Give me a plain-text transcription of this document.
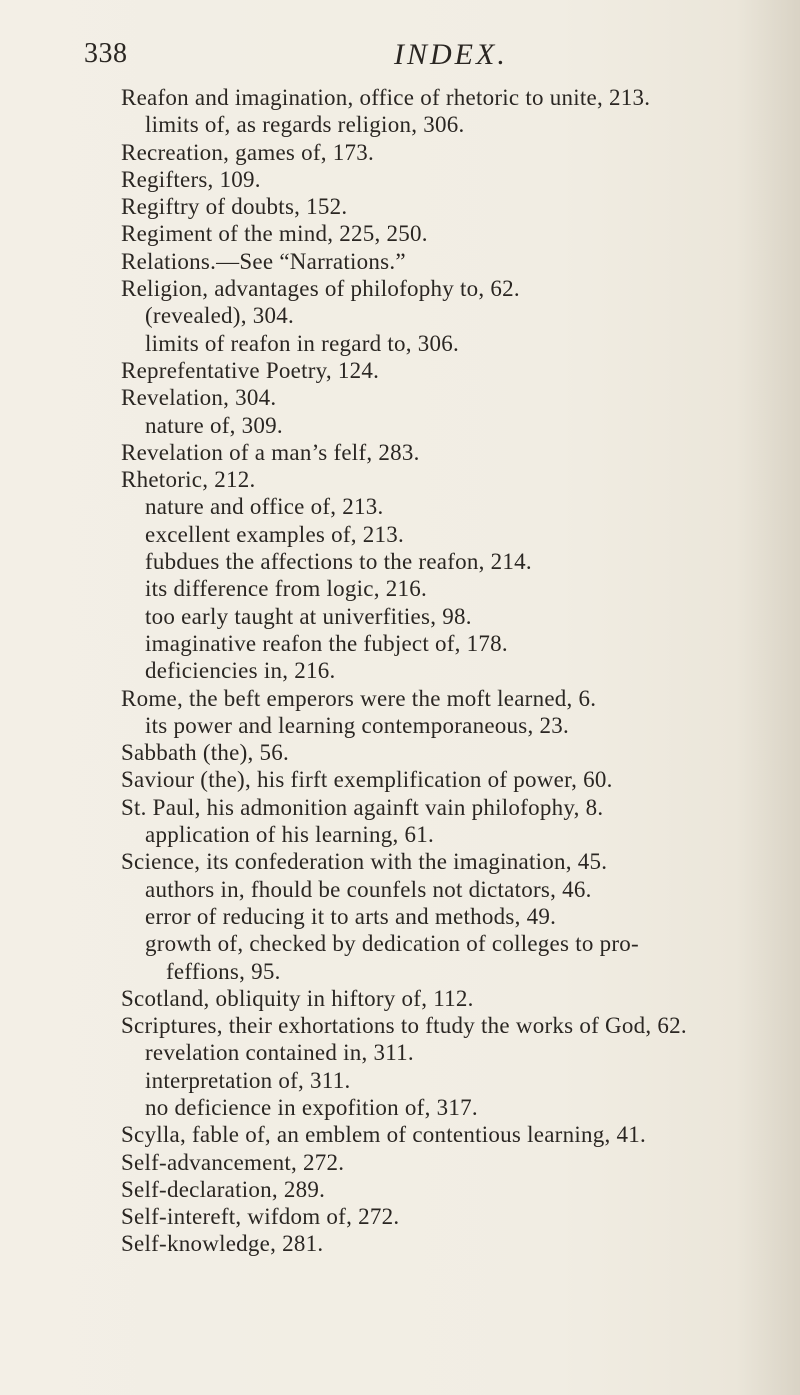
338	INDEX.
Reafon and imagination, office of rhetoric to unite, 213.
limits of, as regards religion, 306.
Recreation, games of, 173.
Regifters, 109.
Regiftry of doubts, 152.
Regiment of the mind, 225, 250.
Relations.—See “Narrations.”
Religion, advantages of philofophy to, 62.
(revealed), 304.
limits of reafon in regard to, 306.
Reprefentative Poetry, 124.
Revelation, 304.
nature of, 309.
Revelation of a man’s felf, 283.
Rhetoric, 212.
nature and office of, 213.
excellent examples of, 213.
fubdues the affections to the reafon, 214.
its difference from logic, 216.
too early taught at univerfities, 98.
imaginative reafon the fubject of, 178.
deficiencies in, 216.
Rome, the beft emperors were the moft learned, 6.
its power and learning contemporaneous, 23.
Sabbath (the), 56.
Saviour (the), his firft exemplification of power, 60.
St. Paul, his admonition againft vain philofophy, 8.
application of his learning, 61.
Science, its confederation with the imagination, 45.
authors in, fhould be counfels not dictators, 46.
error of reducing it to arts and methods, 49.
growth of, checked by dedication of colleges to pro-
feffions, 95.
Scotland, obliquity in hiftory of, 112.
Scriptures, their exhortations to ftudy the works of God, 62.
revelation contained in, 311.
interpretation of, 311.
no deficience in expofition of, 317.
Scylla, fable of, an emblem of contentious learning, 41.
Self-advancement, 272.
Self-declaration, 289.
Self-intereft, wifdom of, 272.
Self-knowledge, 281.
